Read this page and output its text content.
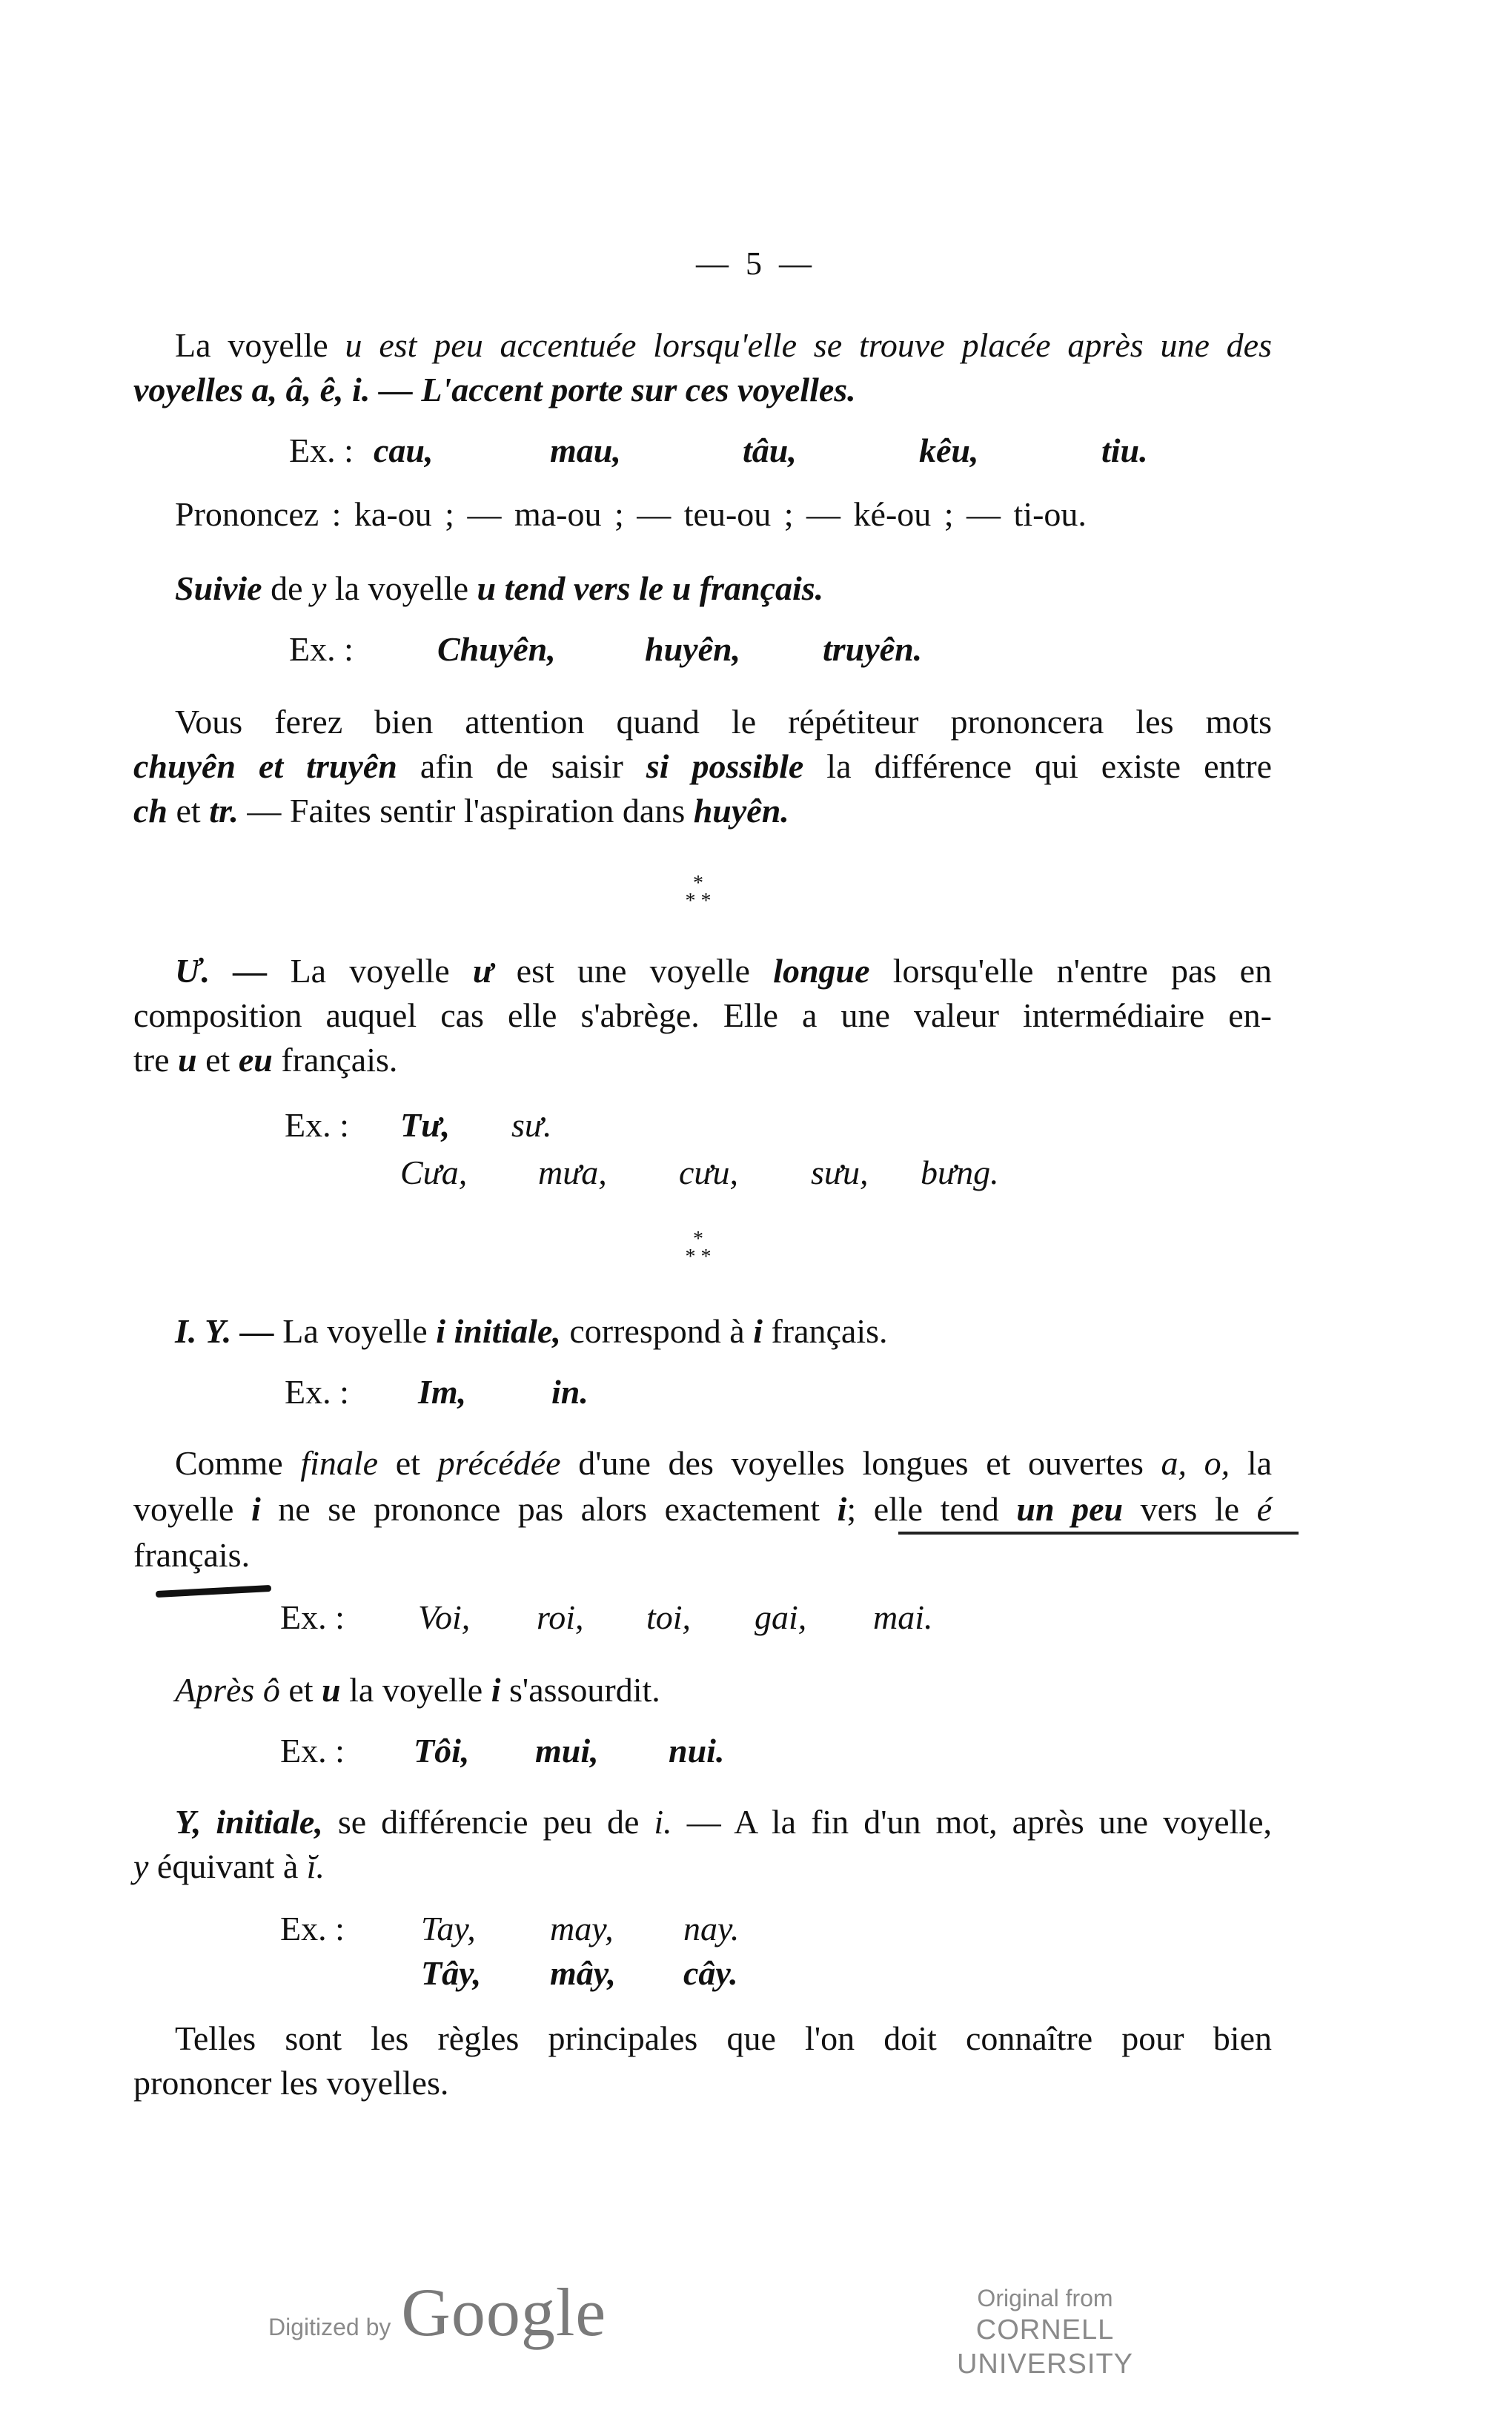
— 5 —
La voyelle u est peu accentuée lorsqu'elle se trouve placée après une des
voyelles a, â, ê, i. — L'accent porte sur ces voyelles.
Ex. : cau,	mau,	tâu,	kêu,	tiu.
Prononcez : ka-ou ; — ma-ou ; — teu-ou ; — ké-ou ; — ti-ou.
Suivie de y la voyelle u tend vers le u français.
Ex. :	Chuyên,	huyên,	truyên.
Vous ferez bien attention quand le répétiteur prononcera les mots
chuyên et truyên afin de saisir si possible la différence qui existe entre
ch et tr. — Faites sentir l'aspiration dans huyên.
*
* *
Ư. — La voyelle ư est une voyelle longue lorsqu'elle n'entre pas en
composition auquel cas elle s'abrège. Elle a une valeur intermédiaire en-
tre u et eu français.
Ex. :	Tư,	sư.
Cưa,	mưa,	cưu,	sưu,	bưng.
*
* *
I. Y. — La voyelle i initiale, correspond à i français.
Ex. :	Im,	in.
Comme finale et précédée d'une des voyelles longues et ouvertes a, o, la
voyelle i ne se prononce pas alors exactement i; elle tend un peu vers le é
français.
Ex. :	Voi,	roi,	toi,	gai,	mai.
Après ô et u la voyelle i s'assourdit.
Ex. :	Tôi,	mui,	nui.
Y, initiale, se différencie peu de i. — A la fin d'un mot, après une voyelle,
y équivant à ĭ.
Ex. :	Tay,	may,	nay.
Tây,	mây,	cây.
Telles sont les règles principales que l'on doit connaître pour bien
prononcer les voyelles.
Digitized by Google	Original from
CORNELL UNIVERSITY
